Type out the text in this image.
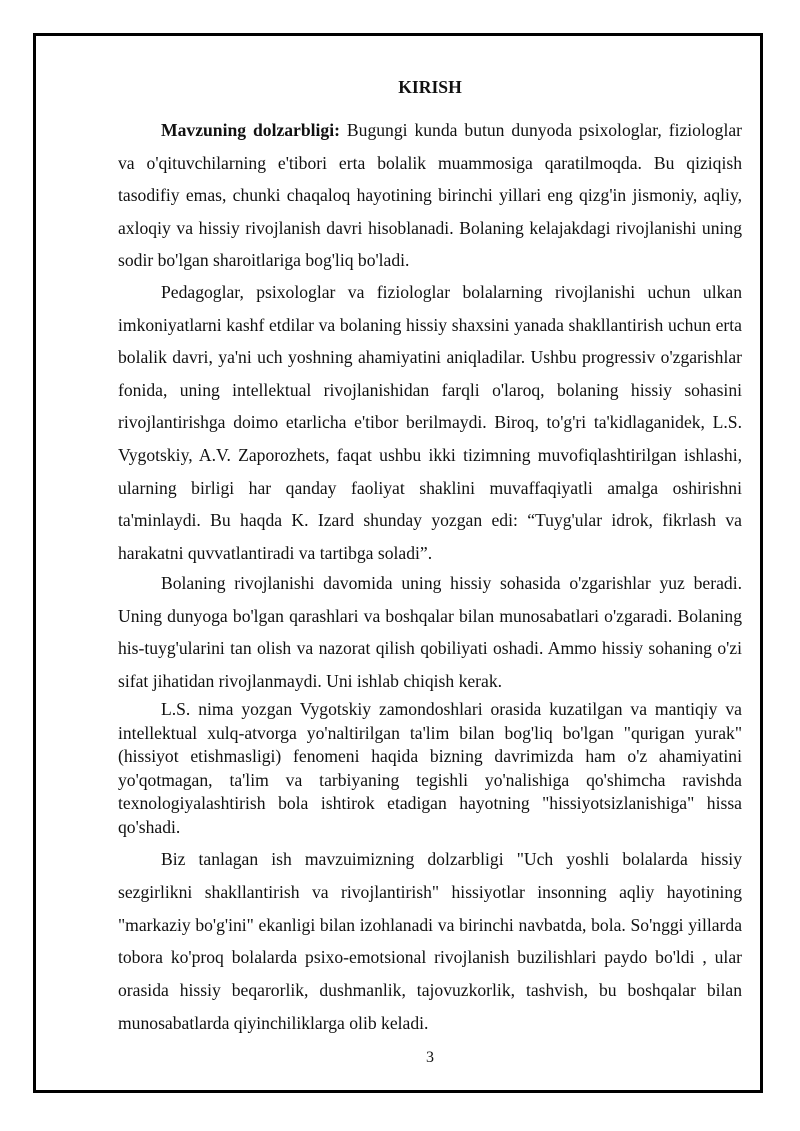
KIRISH

Mavzuning dolzarbligi: Bugungi kunda butun dunyoda psixologlar, fiziologlar va o'qituvchilarning e'tibori erta bolalik muammosiga qaratilmoqda. Bu qiziqish tasodifiy emas, chunki chaqaloq hayotining birinchi yillari eng qizg'in jismoniy, aqliy, axloqiy va hissiy rivojlanish davri hisoblanadi. Bolaning kelajakdagi rivojlanishi uning sodir bo'lgan sharoitlariga bog'liq bo'ladi.

Pedagoglar, psixologlar va fiziologlar bolalarning rivojlanishi uchun ulkan imkoniyatlarni kashf etdilar va bolaning hissiy shaxsini yanada shakllantirish uchun erta bolalik davri, ya'ni uch yoshning ahamiyatini aniqladilar. Ushbu progressiv o'zgarishlar fonida, uning intellektual rivojlanishidan farqli o'laroq, bolaning hissiy sohasini rivojlantirishga doimo etarlicha e'tibor berilmaydi. Biroq, to'g'ri ta'kidlaganidek, L.S. Vygotskiy, A.V. Zaporozhets, faqat ushbu ikki tizimning muvofiqlashtirilgan ishlashi, ularning birligi har qanday faoliyat shaklini muvaffaqiyatli amalga oshirishni ta'minlaydi. Bu haqda K. Izard shunday yozgan edi: “Tuyg'ular idrok, fikrlash va harakatni quvvatlantiradi va tartibga soladi”.

Bolaning rivojlanishi davomida uning hissiy sohasida o'zgarishlar yuz beradi. Uning dunyoga bo'lgan qarashlari va boshqalar bilan munosabatlari o'zgaradi. Bolaning his-tuyg'ularini tan olish va nazorat qilish qobiliyati oshadi. Ammo hissiy sohaning o'zi sifat jihatidan rivojlanmaydi. Uni ishlab chiqish kerak.

L.S. nima yozgan Vygotskiy zamondoshlari orasida kuzatilgan va mantiqiy va intellektual xulq-atvorga yo'naltirilgan ta'lim bilan bog'liq bo'lgan "qurigan yurak" (hissiyot etishmasligi) fenomeni haqida bizning davrimizda ham o'z ahamiyatini yo'qotmagan, ta'lim va tarbiyaning tegishli yo'nalishiga qo'shimcha ravishda texnologiyalashtirish bola ishtirok etadigan hayotning "hissiyotsizlanishiga" hissa qo'shadi.

Biz tanlagan ish mavzuimizning dolzarbligi "Uch yoshli bolalarda hissiy sezgirlikni shakllantirish va rivojlantirish" hissiyotlar insonning aqliy hayotining "markaziy bo'g'ini" ekanligi bilan izohlanadi va birinchi navbatda, bola. So'nggi yillarda tobora ko'proq bolalarda psixo-emotsional rivojlanish buzilishlari paydo bo'ldi , ular orasida hissiy beqarorlik, dushmanlik, tajovuzkorlik, tashvish, bu boshqalar bilan munosabatlarda qiyinchiliklarga olib keladi.

3
